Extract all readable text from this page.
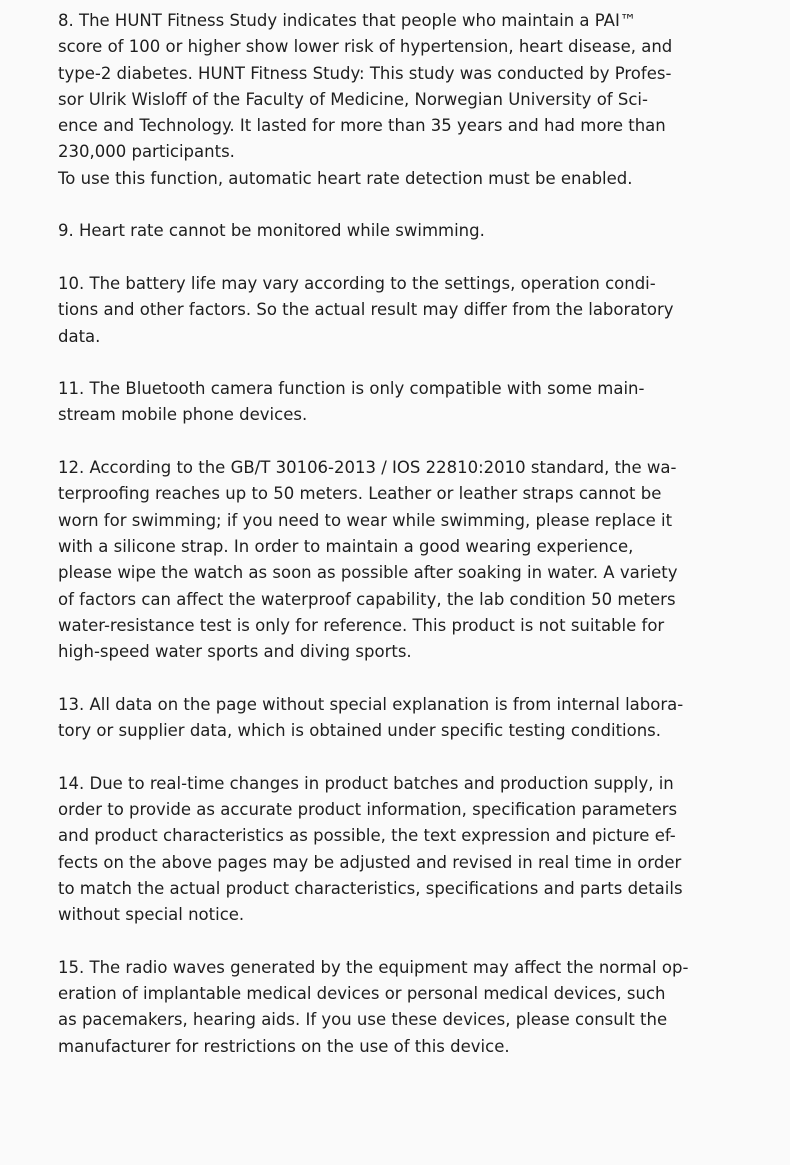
8. The HUNT Fitness Study indicates that people who maintain a PAI™
score of 100 or higher show lower risk of hypertension, heart disease, and
type-2 diabetes. HUNT Fitness Study: This study was conducted by Profes-
sor Ulrik Wisloff of the Faculty of Medicine, Norwegian University of Sci-
ence and Technology. It lasted for more than 35 years and had more than
230,000 participants.
To use this function, automatic heart rate detection must be enabled.
9. Heart rate cannot be monitored while swimming.
10. The battery life may vary according to the settings, operation condi-
tions and other factors. So the actual result may differ from the laboratory
data.
11. The Bluetooth camera function is only compatible with some main-
stream mobile phone devices.
12. According to the GB/T 30106-2013 / IOS 22810:2010 standard, the wa-
terproofing reaches up to 50 meters. Leather or leather straps cannot be
worn for swimming; if you need to wear while swimming, please replace it
with a silicone strap. In order to maintain a good wearing experience,
please wipe the watch as soon as possible after soaking in water. A variety
of factors can affect the waterproof capability, the lab condition 50 meters
water-resistance test is only for reference. This product is not suitable for
high-speed water sports and diving sports.
13. All data on the page without special explanation is from internal labora-
tory or supplier data, which is obtained under specific testing conditions.
14. Due to real-time changes in product batches and production supply, in
order to provide as accurate product information, specification parameters
and product characteristics as possible, the text expression and picture ef-
fects on the above pages may be adjusted and revised in real time in order
to match the actual product characteristics, specifications and parts details
without special notice.
15. The radio waves generated by the equipment may affect the normal op-
eration of implantable medical devices or personal medical devices, such
as pacemakers, hearing aids. If you use these devices, please consult the
manufacturer for restrictions on the use of this device.
